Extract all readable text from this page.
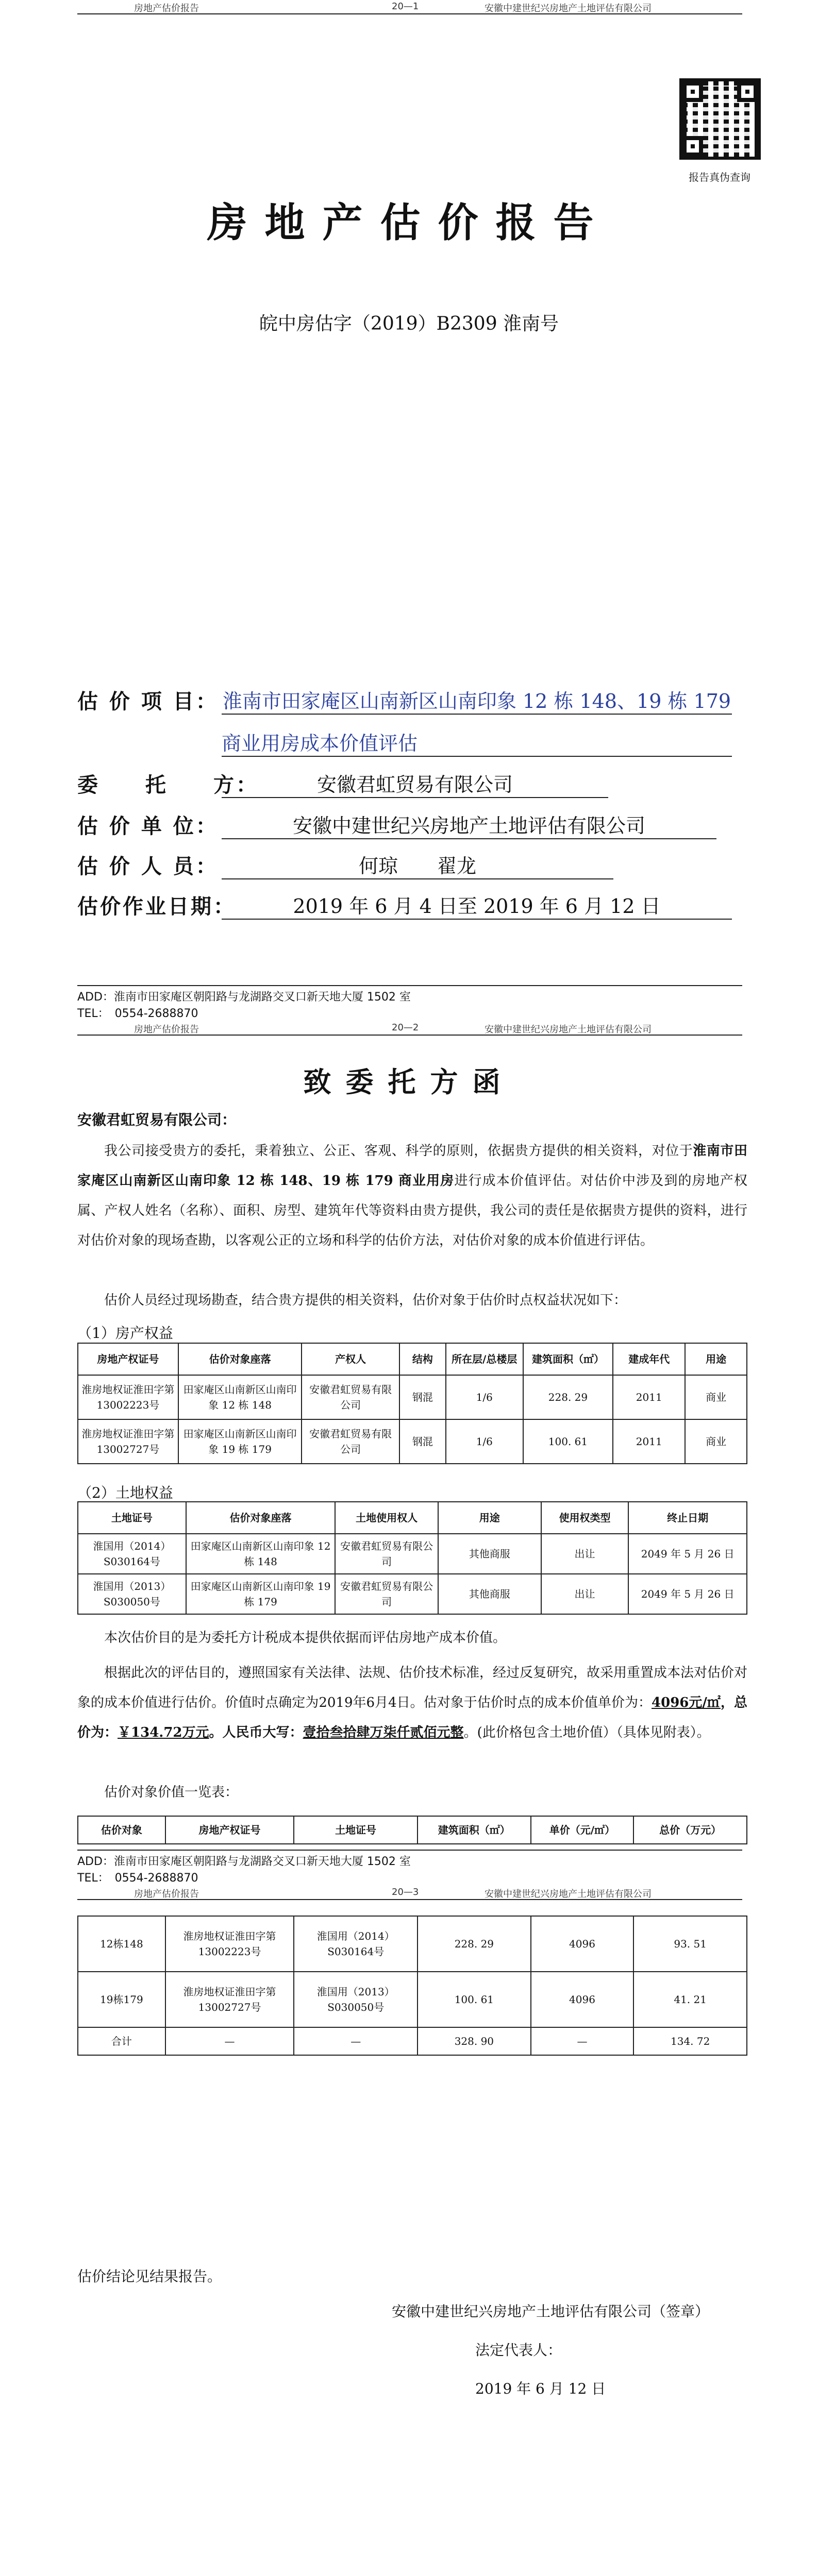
房地产估价报告	20—1	安徽中建世纪兴房地产土地评估有限公司
报告真伪查询
房地产估价报告
皖中房估字（2019）B2309 淮南号
估 价 项 目： 淮南市田家庵区山南新区山南印象 12 栋 148、19 栋 179
商业用房成本价值评估
委　　托　　方：	安徽君虹贸易有限公司
估 价 单 位：	安徽中建世纪兴房地产土地评估有限公司
估 价 人 员：	何琼　　翟龙
估价作业日期：	2019 年 6 月 4 日至 2019 年 6 月 12 日
ADD：淮南市田家庵区朝阳路与龙湖路交叉口新天地大厦 1502 室
TEL：　0554-2688870
房地产估价报告	20—2	安徽中建世纪兴房地产土地评估有限公司
致委托方函
安徽君虹贸易有限公司：
我公司接受贵方的委托，秉着独立、公正、客观、科学的原则，依据贵方提供的相关资料，对位于淮南市田家庵区山南新区山南印象 12 栋 148、19 栋 179 商业用房进行成本价值评估。对估价中涉及到的房地产权属、产权人姓名（名称）、面积、房型、建筑年代等资料由贵方提供，我公司的责任是依据贵方提供的资料，进行对估价对象的现场查勘，以客观公正的立场和科学的估价方法，对估价对象的成本价值进行评估。
估价人员经过现场勘查，结合贵方提供的相关资料，估价对象于估价时点权益状况如下：
（1）房产权益
房地产权证号	估价对象座落	产权人	结构	所在层/总楼层	建筑面积（㎡）	建成年代	用途
淮房地权证淮田字第13002223号	田家庵区山南新区山南印象 12 栋 148	安徽君虹贸易有限公司	钢混	1/6	228. 29	2011	商业
淮房地权证淮田字第13002727号	田家庵区山南新区山南印象 19 栋 179	安徽君虹贸易有限公司	钢混	1/6	100. 61	2011	商业
（2）土地权益
土地证号	估价对象座落	土地使用权人	用途	使用权类型	终止日期
淮国用（2014）S030164号	田家庵区山南新区山南印象 12 栋 148	安徽君虹贸易有限公司	其他商服	出让	2049 年 5 月 26 日
淮国用（2013）S030050号	田家庵区山南新区山南印象 19 栋 179	安徽君虹贸易有限公司	其他商服	出让	2049 年 5 月 26 日
本次估价目的是为委托方计税成本提供依据而评估房地产成本价值。
根据此次的评估目的，遵照国家有关法律、法规、估价技术标准，经过反复研究，故采用重置成本法对估价对象的成本价值进行估价。价值时点确定为2019年6月4日。估对象于估价时点的成本价值单价为：4096元/㎡，总价为：￥134.72万元。人民币大写：壹拾叁拾肆万柒仟贰佰元整。(此价格包含土地价值）（具体见附表）。
估价对象价值一览表：
估价对象	房地产权证号	土地证号	建筑面积（㎡）	单价（元/㎡）	总价（万元）
ADD：淮南市田家庵区朝阳路与龙湖路交叉口新天地大厦 1502 室
TEL：　0554-2688870
房地产估价报告	20—3	安徽中建世纪兴房地产土地评估有限公司
12栋148	淮房地权证淮田字第13002223号	淮国用（2014）S030164号	228. 29	4096	93. 51
19栋179	淮房地权证淮田字第13002727号	淮国用（2013）S030050号	100. 61	4096	41. 21
合计	—	—	328. 90	—	134. 72
估价结论见结果报告。
安徽中建世纪兴房地产土地评估有限公司（签章）
法定代表人：
2019 年 6 月 12 日
